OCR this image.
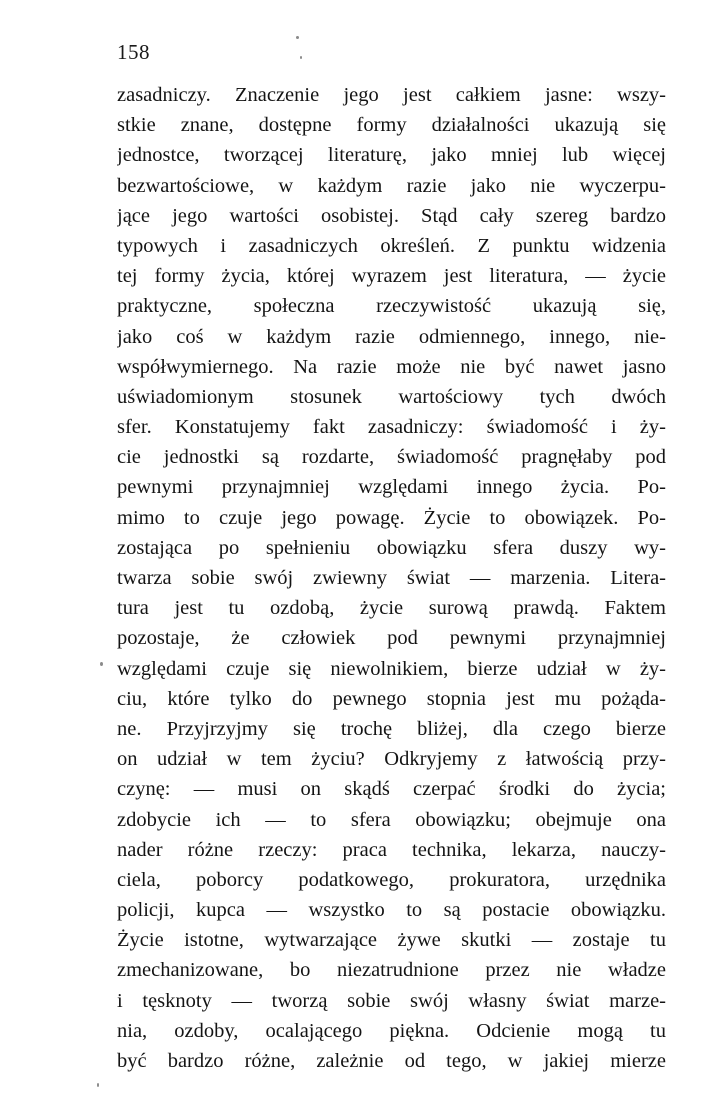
158
zasadniczy. Znaczenie jego jest całkiem jasne: wszy-
stkie znane, dostępne formy działalności ukazują się
jednostce, tworzącej literaturę, jako mniej lub więcej
bezwartościowe, w każdym razie jako nie wyczerpu-
jące jego wartości osobistej. Stąd cały szereg bardzo
typowych i zasadniczych określeń. Z punktu widzenia
tej formy życia, której wyrazem jest literatura, — życie
praktyczne, społeczna rzeczywistość ukazują się,
jako coś w każdym razie odmiennego, innego, nie-
współwymiernego. Na razie może nie być nawet jasno
uświadomionym stosunek wartościowy tych dwóch
sfer. Konstatujemy fakt zasadniczy: świadomość i ży-
cie jednostki są rozdarte, świadomość pragnęłaby pod
pewnymi przynajmniej względami innego życia. Po-
mimo to czuje jego powagę. Życie to obowiązek. Po-
zostająca po spełnieniu obowiązku sfera duszy wy-
twarza sobie swój zwiewny świat — marzenia. Litera-
tura jest tu ozdobą, życie surową prawdą. Faktem
pozostaje, że człowiek pod pewnymi przynajmniej
względami czuje się niewolnikiem, bierze udział w ży-
ciu, które tylko do pewnego stopnia jest mu pożąda-
ne. Przyjrzyjmy się trochę bliżej, dla czego bierze
on udział w tem życiu? Odkryjemy z łatwością przy-
czynę: — musi on skądś czerpać środki do życia;
zdobycie ich — to sfera obowiązku; obejmuje ona
nader różne rzeczy: praca technika, lekarza, nauczy-
ciela, poborcy podatkowego, prokuratora, urzędnika
policji, kupca — wszystko to są postacie obowiązku.
Życie istotne, wytwarzające żywe skutki — zostaje tu
zmechanizowane, bo niezatrudnione przez nie władze
i tęsknoty — tworzą sobie swój własny świat marze-
nia, ozdoby, ocalającego piękna. Odcienie mogą tu
być bardzo różne, zależnie od tego, w jakiej mierze
